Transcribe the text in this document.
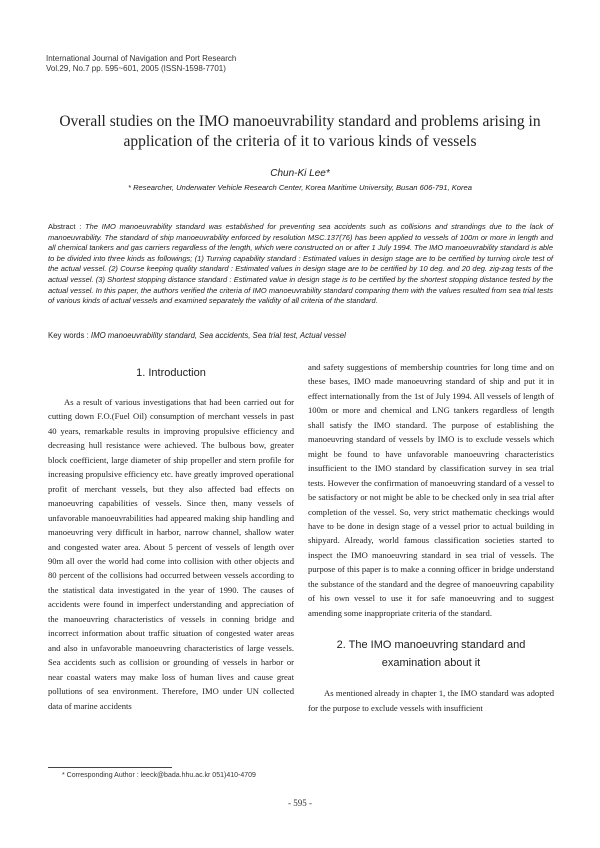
International Journal of Navigation and Port Research
Vol.29, No.7 pp. 595~601, 2005 (ISSN-1598-7701)
Overall studies on the IMO manoeuvrability standard and problems arising in
application of the criteria of it to various kinds of vessels
Chun-Ki Lee*
* Researcher, Underwater Vehicle Research Center, Korea Maritime University, Busan 606-791, Korea
Abstract : The IMO manoeuvrability standard was established for preventing sea accidents such as collisions and strandings due to the lack of manoeuvrability. The standard of ship manoeuvrability enforced by resolution MSC.137(76) has been applied to vessels of 100m or more in length and all chemical tankers and gas carriers regardless of the length, which were constructed on or after 1 July 1994. The IMO manoeuvrability standard is able to be divided into three kinds as followings; (1) Turning capability standard : Estimated values in design stage are to be certified by turning circle test of the actual vessel. (2) Course keeping quality standard : Estimated values in design stage are to be certified by 10 deg. and 20 deg. zig-zag tests of the actual vessel. (3) Shortest stopping distance standard : Estimated value in design stage is to be certified by the shortest stopping distance tested by the actual vessel. In this paper, the authors verified the criteria of IMO manoeuvrability standard comparing them with the values resulted from sea trial tests of various kinds of actual vessels and examined separately the validity of all criteria of the standard.
Key words : IMO manoeuvrability standard, Sea accidents, Sea trial test, Actual vessel
1. Introduction

As a result of various investigations that had been carried out for cutting down F.O.(Fuel Oil) consumption of merchant vessels in past 40 years, remarkable results in improving propulsive efficiency and decreasing hull resistance were achieved. The bulbous bow, greater block coefficient, large diameter of ship propeller and stern profile for increasing propulsive efficiency etc. have greatly improved operational profit of merchant vessels, but they also affected bad effects on manoeuvring capabilities of vessels. Since then, many vessels of unfavorable manoeuvrabilities had appeared making ship handling and manoeuvring very difficult in harbor, narrow channel, shallow water and congested water area. About 5 percent of vessels of length over 90m all over the world had come into collision with other objects and 80 percent of the collisions had occurred between vessels according to the statistical data investigated in the year of 1990. The causes of accidents were found in imperfect understanding and appreciation of the manoeuvring characteristics of vessels in conning bridge and incorrect information about traffic situation of congested water areas and also in unfavorable manoeuvring characteristics of large vessels. Sea accidents such as collision or grounding of vessels in harbor or near coastal waters may make loss of human lives and cause great pollutions of sea environment. Therefore, IMO under UN collected data of marine accidents

and safety suggestions of membership countries for long time and on these bases, IMO made manoeuvring standard of ship and put it in effect internationally from the 1st of July 1994. All vessels of length of 100m or more and chemical and LNG tankers regardless of length shall satisfy the IMO standard. The purpose of establishing the manoeuvring standard of vessels by IMO is to exclude vessels which might be found to have unfavorable manoeuvring characteristics insufficient to the IMO standard by classification survey in sea trial tests. However the confirmation of manoeuvring standard of a vessel to be satisfactory or not might be able to be checked only in sea trial after completion of the vessel. So, very strict mathematic checkings would have to be done in design stage of a vessel prior to actual building in shipyard. Already, world famous classification societies started to inspect the IMO manoeuvring standard in sea trial of vessels. The purpose of this paper is to make a conning officer in bridge understand the substance of the standard and the degree of manoeuvring capability of his own vessel to use it for safe manoeuvring and to suggest amending some inappropriate criteria of the standard.

2. The IMO manoeuvring standard and
examination about it

As mentioned already in chapter 1, the IMO standard was adopted for the purpose to exclude vessels with insufficient

* Corresponding Author : leeck@bada.hhu.ac.kr 051)410-4709
- 595 -
